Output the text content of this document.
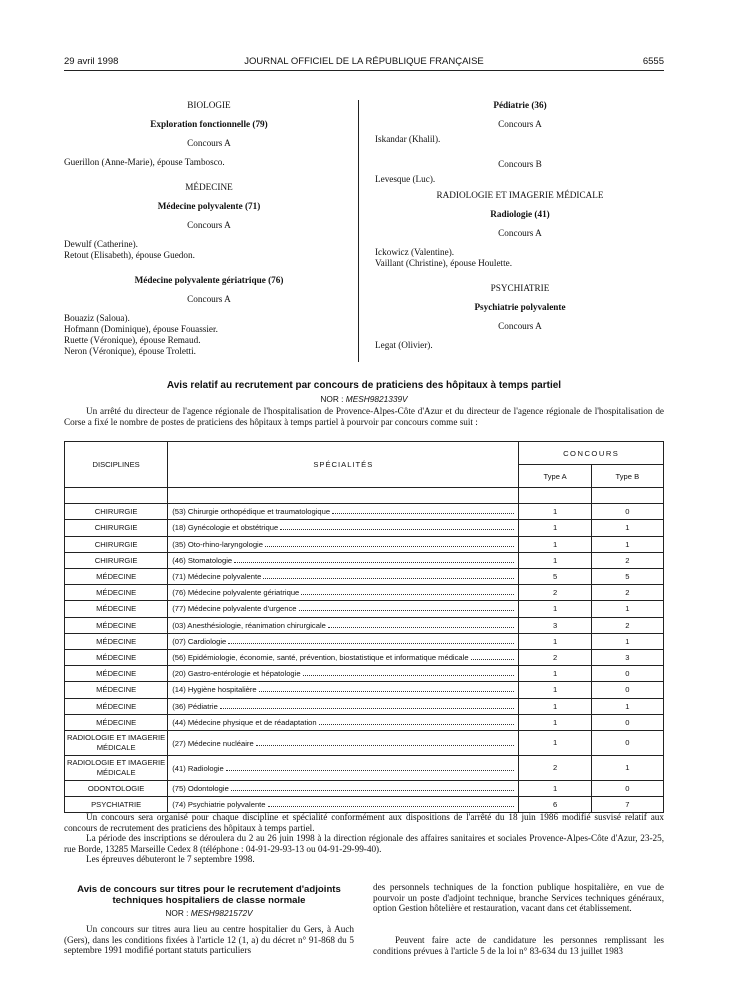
29 avril 1998	JOURNAL OFFICIEL DE LA RÉPUBLIQUE FRANÇAISE	6555

BIOLOGIE

Exploration fonctionnelle (79)

Concours A

Guerillon (Anne-Marie), épouse Tambosco.

MÉDECINE

Médecine polyvalente (71)

Concours A

Dewulf (Catherine).

Retout (Elisabeth), épouse Guedon.

Médecine polyvalente gériatrique (76)

Concours A

Bouaziz (Saloua).

Hofmann (Dominique), épouse Fouassier.

Ruette (Véronique), épouse Remaud.

Neron (Véronique), épouse Troletti.

Pédiatrie (36)

Concours A

Iskandar (Khalil).

Concours B

Levesque (Luc).

RADIOLOGIE ET IMAGERIE MÉDICALE

Radiologie (41)

Concours A

Ickowicz (Valentine).

Vaillant (Christine), épouse Houlette.

PSYCHIATRIE

Psychiatrie polyvalente

Concours A

Legat (Olivier).

Avis relatif au recrutement par concours de praticiens des hôpitaux à temps partiel
NOR : MESH9821339V

Un arrêté du directeur de l'agence régionale de l'hospitalisation de Provence-Alpes-Côte d'Azur et du directeur de l'agence régionale de l'hospitalisation de Corse a fixé le nombre de postes de praticiens des hôpitaux à temps partiel à pourvoir par concours comme suit :

DISCIPLINES	SPÉCIALITÉS	CONCOURS	
		Type A	Type B

CHIRURGIE	(53) Chirurgie orthopédique et traumatologique	1	0
CHIRURGIE	(18) Gynécologie et obstétrique	1	1
CHIRURGIE	(35) Oto-rhino-laryngologie	1	1
CHIRURGIE	(46) Stomatologie	1	2
MÉDECINE	(71) Médecine polyvalente	5	5
MÉDECINE	(76) Médecine polyvalente gériatrique	2	2
MÉDECINE	(77) Médecine polyvalente d'urgence	1	1
MÉDECINE	(03) Anesthésiologie, réanimation chirurgicale	3	2
MÉDECINE	(07) Cardiologie	1	1
MÉDECINE	(56) Epidémiologie, économie, santé, prévention, biostatistique et informatique médicale	2	3
MÉDECINE	(20) Gastro-entérologie et hépatologie	1	0
MÉDECINE	(14) Hygiène hospitalière	1	0
MÉDECINE	(36) Pédiatrie	1	1
MÉDECINE	(44) Médecine physique et de réadaptation	1	0
RADIOLOGIE ET IMAGERIE MÉDICALE	(27) Médecine nucléaire	1	0
RADIOLOGIE ET IMAGERIE MÉDICALE	(41) Radiologie	2	1
ODONTOLOGIE	(75) Odontologie	1	0
PSYCHIATRIE	(74) Psychiatrie polyvalente	6	7

Un concours sera organisé pour chaque discipline et spécialité conformément aux dispositions de l'arrêté du 18 juin 1986 modifié susvisé relatif aux concours de recrutement des praticiens des hôpitaux à temps partiel.

La période des inscriptions se déroulera du 2 au 26 juin 1998 à la direction régionale des affaires sanitaires et sociales Provence-Alpes-Côte d'Azur, 23-25, rue Borde, 13285 Marseille Cedex 8 (téléphone : 04-91-29-93-13 ou 04-91-29-99-40).

Les épreuves débuteront le 7 septembre 1998.

Avis de concours sur titres pour le recrutement d'adjoints techniques hospitaliers de classe normale
NOR : MESH9821572V

Un concours sur titres aura lieu au centre hospitalier du Gers, à Auch (Gers), dans les conditions fixées à l'article 12 (1, a) du décret n° 91-868 du 5 septembre 1991 modifié portant statuts particuliers

des personnels techniques de la fonction publique hospitalière, en vue de pourvoir un poste d'adjoint technique, branche Services techniques généraux, option Gestion hôtelière et restauration, vacant dans cet établissement.

Peuvent faire acte de candidature les personnes remplissant les conditions prévues à l'article 5 de la loi n° 83-634 du 13 juillet 1983
